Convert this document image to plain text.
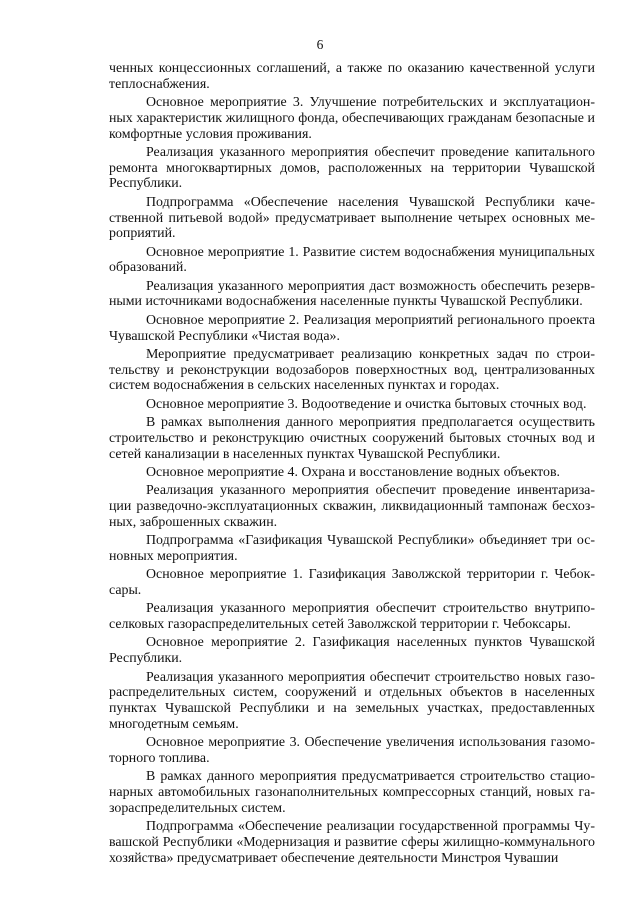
6

ченных концессионных соглашений, а также по оказанию качественной услуги теплоснабжения.

Основное мероприятие 3. Улучшение потребительских и эксплуатационных характеристик жилищного фонда, обеспечивающих гражданам безопасные и комфортные условия проживания.

Реализация указанного мероприятия обеспечит проведение капитального ремонта многоквартирных домов, расположенных на территории Чувашской Республики.

Подпрограмма «Обеспечение населения Чувашской Республики качественной питьевой водой» предусматривает выполнение четырех основных мероприятий.

Основное мероприятие 1. Развитие систем водоснабжения муниципальных образований.

Реализация указанного мероприятия даст возможность обеспечить резервными источниками водоснабжения населенные пункты Чувашской Республики.

Основное мероприятие 2. Реализация мероприятий регионального проекта Чувашской Республики «Чистая вода».

Мероприятие предусматривает реализацию конкретных задач по строительству и реконструкции водозаборов поверхностных вод, централизованных систем водоснабжения в сельских населенных пунктах и городах.

Основное мероприятие 3. Водоотведение и очистка бытовых сточных вод.

В рамках выполнения данного мероприятия предполагается осуществить строительство и реконструкцию очистных сооружений бытовых сточных вод и сетей канализации в населенных пунктах Чувашской Республики.

Основное мероприятие 4. Охрана и восстановление водных объектов.

Реализация указанного мероприятия обеспечит проведение инвентаризации разведочно-эксплуатационных скважин, ликвидационный тампонаж бесхозных, заброшенных скважин.

Подпрограмма «Газификация Чувашской Республики» объединяет три основных мероприятия.

Основное мероприятие 1. Газификация Заволжской территории г. Чебоксары.

Реализация указанного мероприятия обеспечит строительство внутрипоселковых газораспределительных сетей Заволжской территории г. Чебоксары.

Основное мероприятие 2. Газификация населенных пунктов Чувашской Республики.

Реализация указанного мероприятия обеспечит строительство новых газораспределительных систем, сооружений и отдельных объектов в населенных пунктах Чувашской Республики и на земельных участках, предоставленных многодетным семьям.

Основное мероприятие 3. Обеспечение увеличения использования газомоторного топлива.

В рамках данного мероприятия предусматривается строительство стационарных автомобильных газонаполнительных компрессорных станций, новых газораспределительных систем.

Подпрограмма «Обеспечение реализации государственной программы Чувашской Республики «Модернизация и развитие сферы жилищно-коммунального хозяйства» предусматривает обеспечение деятельности Минстроя Чувашии
